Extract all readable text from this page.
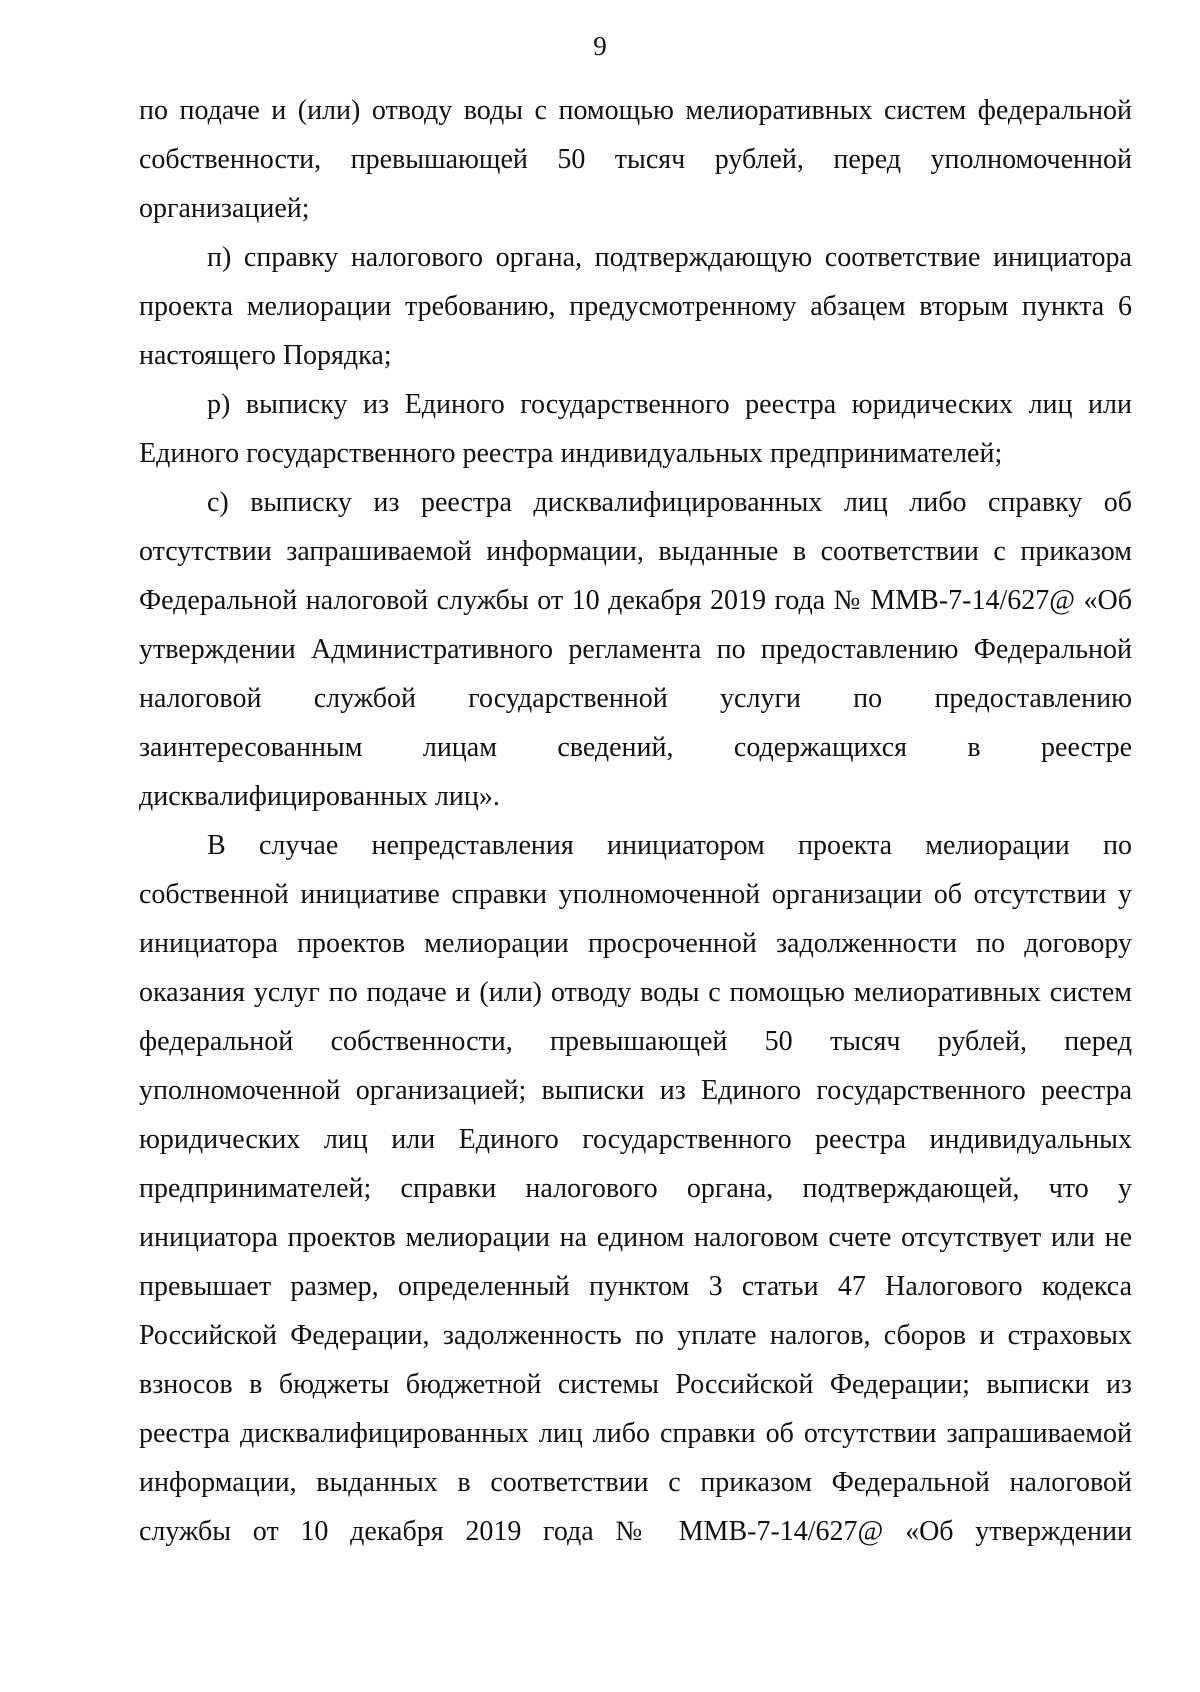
9

по подаче и (или) отводу воды с помощью мелиоративных систем федеральной
собственности, превышающей 50 тысяч рублей, перед уполномоченной
организацией;

п) справку налогового органа, подтверждающую соответствие инициатора
проекта мелиорации требованию, предусмотренному абзацем вторым пункта 6
настоящего Порядка;

р) выписку из Единого государственного реестра юридических лиц или
Единого государственного реестра индивидуальных предпринимателей;

с) выписку из реестра дисквалифицированных лиц либо справку об
отсутствии запрашиваемой информации, выданные в соответствии с приказом
Федеральной налоговой службы от 10 декабря 2019 года № ММВ-7-14/627@ «Об
утверждении Административного регламента по предоставлению Федеральной
налоговой службой государственной услуги по предоставлению
заинтересованным лицам сведений, содержащихся в реестре
дисквалифицированных лиц».

В случае непредставления инициатором проекта мелиорации по
собственной инициативе справки уполномоченной организации об отсутствии у
инициатора проектов мелиорации просроченной задолженности по договору
оказания услуг по подаче и (или) отводу воды с помощью мелиоративных систем
федеральной собственности, превышающей 50 тысяч рублей, перед
уполномоченной организацией; выписки из Единого государственного реестра
юридических лиц или Единого государственного реестра индивидуальных
предпринимателей; справки налогового органа, подтверждающей, что у
инициатора проектов мелиорации на едином налоговом счете отсутствует или не
превышает размер, определенный пунктом 3 статьи 47 Налогового кодекса
Российской Федерации, задолженность по уплате налогов, сборов и страховых
взносов в бюджеты бюджетной системы Российской Федерации; выписки из
реестра дисквалифицированных лиц либо справки об отсутствии запрашиваемой
информации, выданных в соответствии с приказом Федеральной налоговой
службы от 10 декабря 2019 года № ММВ-7-14/627@ «Об утверждении
